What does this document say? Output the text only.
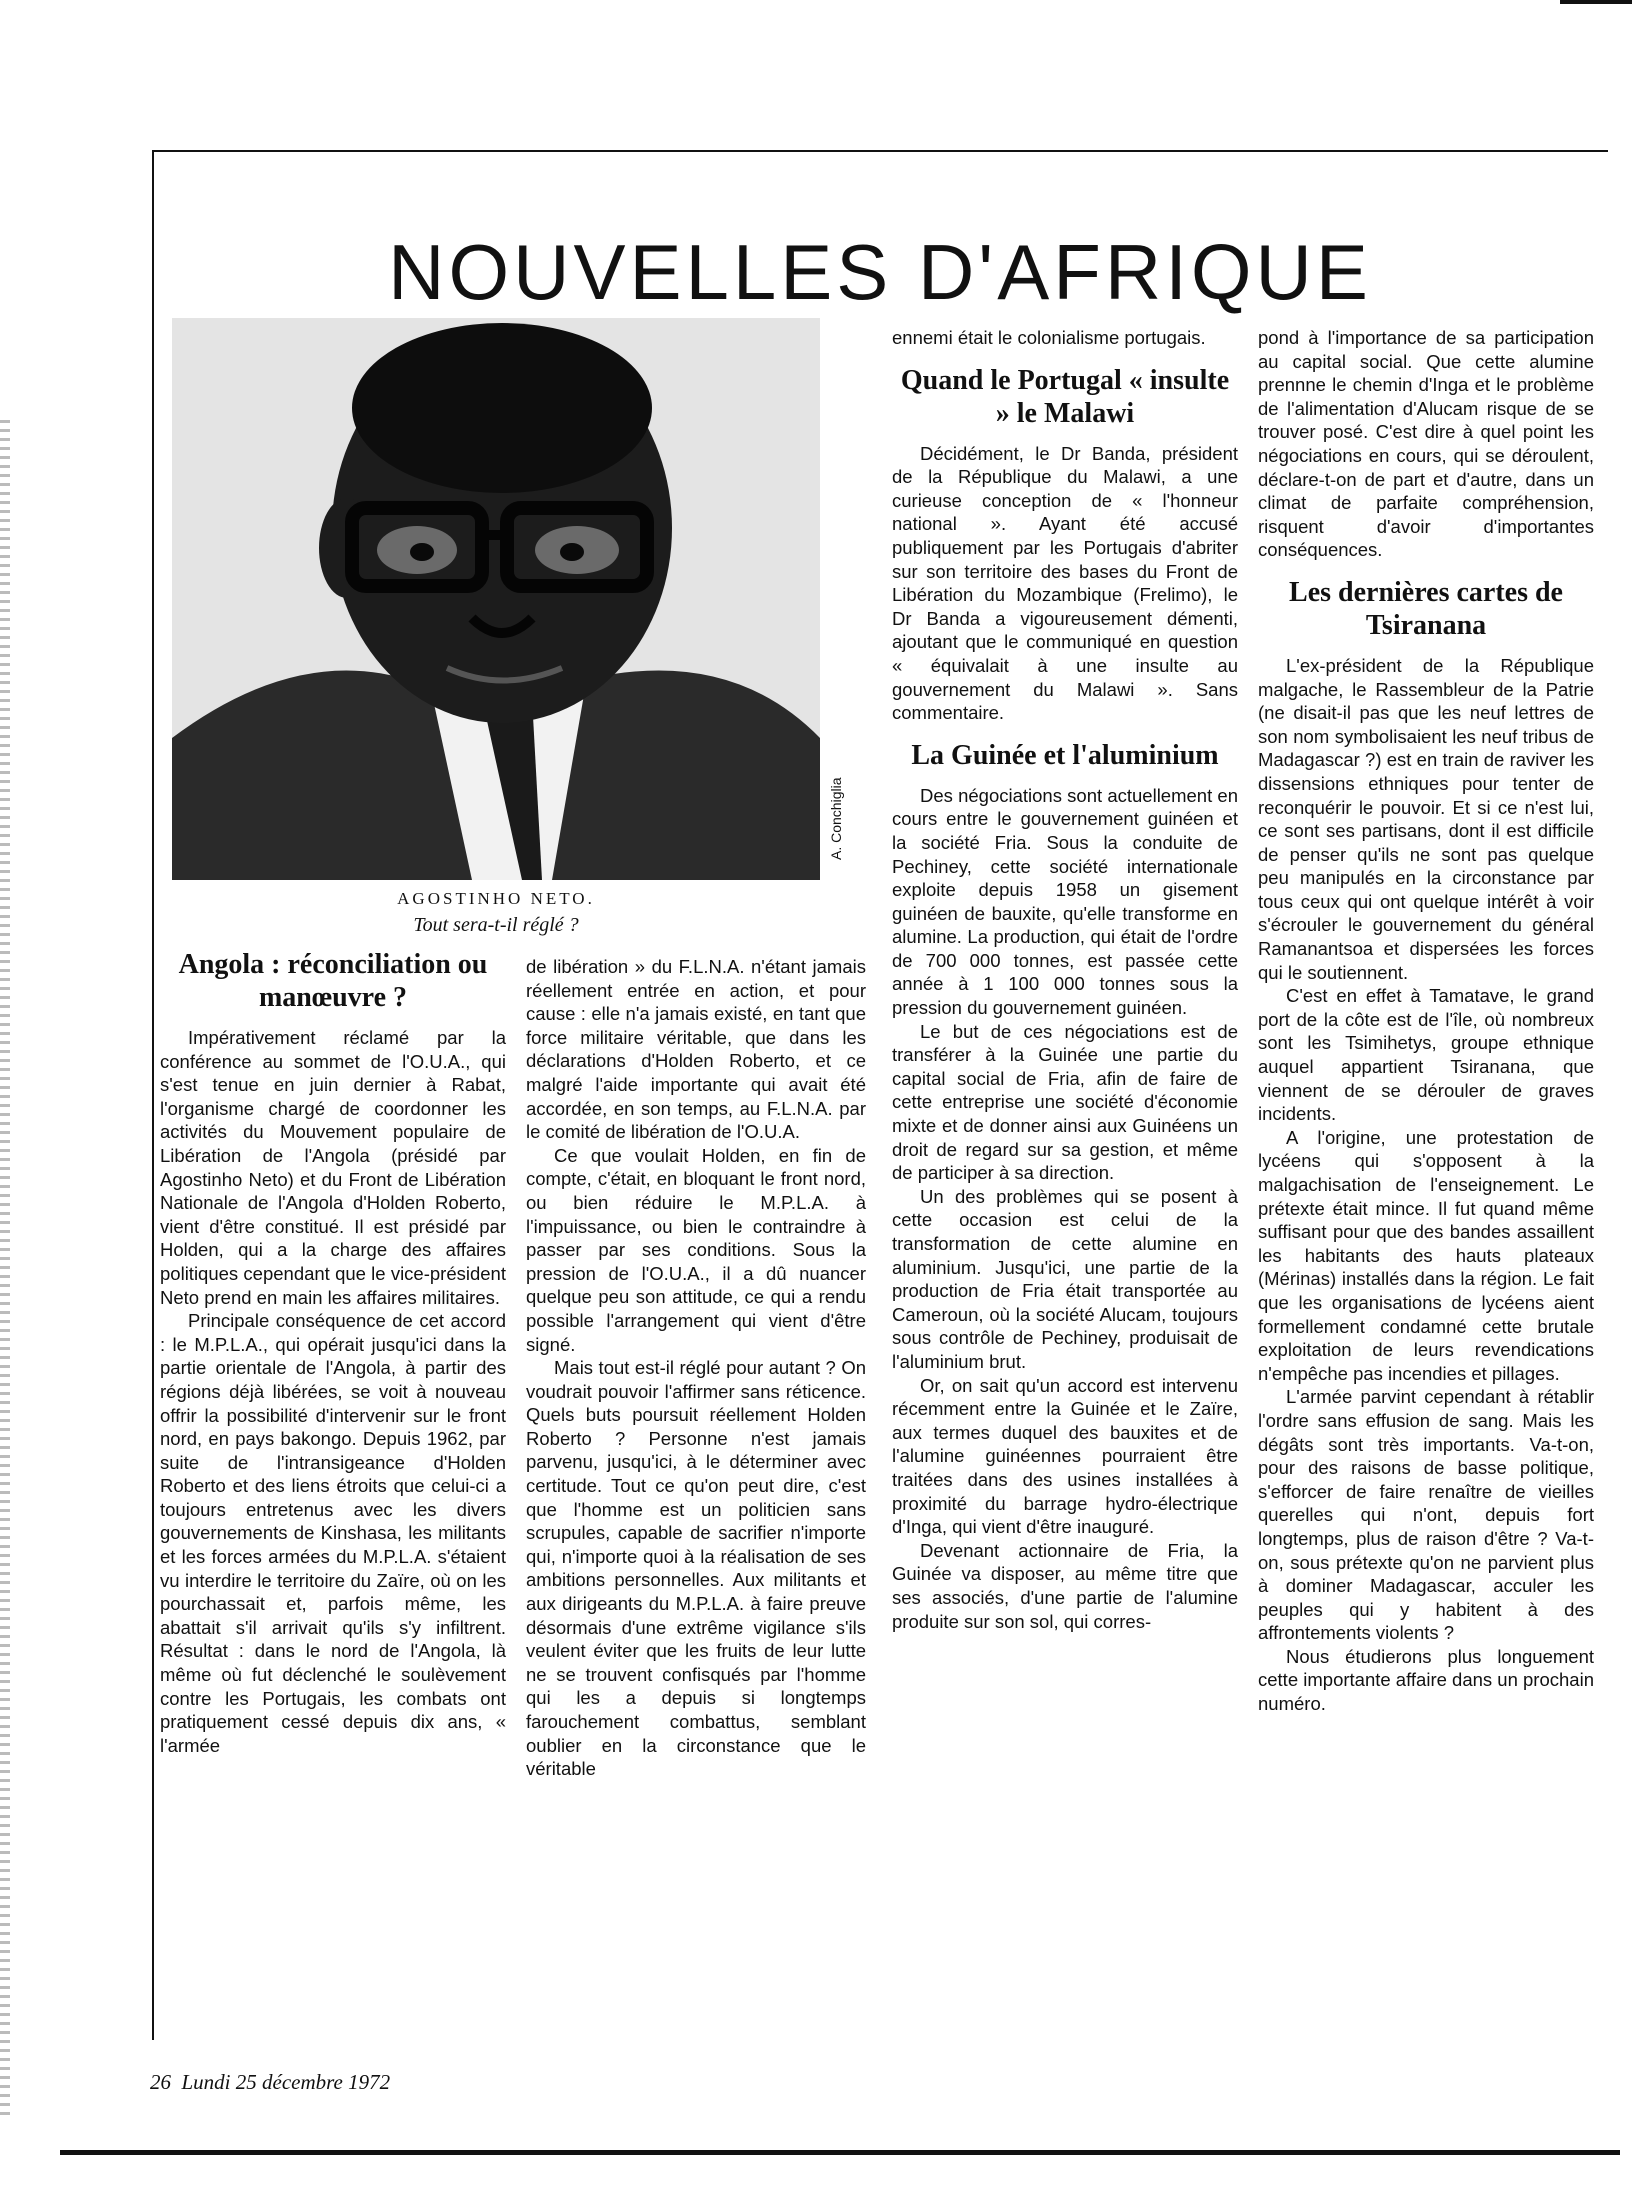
NOUVELLES D'AFRIQUE
AGOSTINHO NETO.
Tout sera-t-il réglé ?
A. Conchiglia
Angola : réconciliation ou manœuvre ?

Impérativement réclamé par la conférence au sommet de l'O.U.A., qui s'est tenue en juin dernier à Rabat, l'organisme chargé de coordonner les activités du Mouvement populaire de Libération de l'Angola (présidé par Agostinho Neto) et du Front de Libération Nationale de l'Angola d'Holden Roberto, vient d'être constitué. Il est présidé par Holden, qui a la charge des affaires politiques cependant que le vice-président Neto prend en main les affaires militaires.

Principale conséquence de cet accord : le M.P.L.A., qui opérait jusqu'ici dans la partie orientale de l'Angola, à partir des régions déjà libérées, se voit à nouveau offrir la possibilité d'intervenir sur le front nord, en pays bakongo. Depuis 1962, par suite de l'intransigeance d'Holden Roberto et des liens étroits que celui-ci a toujours entretenus avec les divers gouvernements de Kinshasa, les militants et les forces armées du M.P.L.A. s'étaient vu interdire le territoire du Zaïre, où on les pourchassait et, parfois même, les abattait s'il arrivait qu'ils s'y infiltrent. Résultat : dans le nord de l'Angola, là même où fut déclenché le soulèvement contre les Portugais, les combats ont pratiquement cessé depuis dix ans, « l'armée

de libération » du F.L.N.A. n'étant jamais réellement entrée en action, et pour cause : elle n'a jamais existé, en tant que force militaire véritable, que dans les déclarations d'Holden Roberto, et ce malgré l'aide importante qui avait été accordée, en son temps, au F.L.N.A. par le comité de libération de l'O.U.A.

Ce que voulait Holden, en fin de compte, c'était, en bloquant le front nord, ou bien réduire le M.P.L.A. à l'impuissance, ou bien le contraindre à passer par ses conditions. Sous la pression de l'O.U.A., il a dû nuancer quelque peu son attitude, ce qui a rendu possible l'arrangement qui vient d'être signé.

Mais tout est-il réglé pour autant ? On voudrait pouvoir l'affirmer sans réticence. Quels buts poursuit réellement Holden Roberto ? Personne n'est jamais parvenu, jusqu'ici, à le déterminer avec certitude. Tout ce qu'on peut dire, c'est que l'homme est un politicien sans scrupules, capable de sacrifier n'importe qui, n'importe quoi à la réalisation de ses ambitions personnelles. Aux militants et aux dirigeants du M.P.L.A. à faire preuve désormais d'une extrême vigilance s'ils veulent éviter que les fruits de leur lutte ne se trouvent confisqués par l'homme qui les a depuis si longtemps farouchement combattus, semblant oublier en la circonstance que le véritable

ennemi était le colonialisme portugais.

Quand le Portugal « insulte » le Malawi

Décidément, le Dr Banda, président de la République du Malawi, a une curieuse conception de « l'honneur national ». Ayant été accusé publiquement par les Portugais d'abriter sur son territoire des bases du Front de Libération du Mozambique (Frelimo), le Dr Banda a vigoureusement démenti, ajoutant que le communiqué en question « équivalait à une insulte au gouvernement du Malawi ». Sans commentaire.

La Guinée et l'aluminium

Des négociations sont actuellement en cours entre le gouvernement guinéen et la société Fria. Sous la conduite de Pechiney, cette société internationale exploite depuis 1958 un gisement guinéen de bauxite, qu'elle transforme en alumine. La production, qui était de l'ordre de 700 000 tonnes, est passée cette année à 1 100 000 tonnes sous la pression du gouvernement guinéen.

Le but de ces négociations est de transférer à la Guinée une partie du capital social de Fria, afin de faire de cette entreprise une société d'économie mixte et de donner ainsi aux Guinéens un droit de regard sur sa gestion, et même de participer à sa direction.

Un des problèmes qui se posent à cette occasion est celui de la transformation de cette alumine en aluminium. Jusqu'ici, une partie de la production de Fria était transportée au Cameroun, où la société Alucam, toujours sous contrôle de Pechiney, produisait de l'aluminium brut.

Or, on sait qu'un accord est intervenu récemment entre la Guinée et le Zaïre, aux termes duquel des bauxites et de l'alumine guinéennes pourraient être traitées dans des usines installées à proximité du barrage hydro-électrique d'Inga, qui vient d'être inauguré.

Devenant actionnaire de Fria, la Guinée va disposer, au même titre que ses associés, d'une partie de l'alumine produite sur son sol, qui corres-

pond à l'importance de sa participation au capital social. Que cette alumine prennne le chemin d'Inga et le problème de l'alimentation d'Alucam risque de se trouver posé. C'est dire à quel point les négociations en cours, qui se déroulent, déclare-t-on de part et d'autre, dans un climat de parfaite compréhension, risquent d'avoir d'importantes conséquences.

Les dernières cartes de Tsiranana

L'ex-président de la République malgache, le Rassembleur de la Patrie (ne disait-il pas que les neuf lettres de son nom symbolisaient les neuf tribus de Madagascar ?) est en train de raviver les dissensions ethniques pour tenter de reconquérir le pouvoir. Et si ce n'est lui, ce sont ses partisans, dont il est difficile de penser qu'ils ne sont pas quelque peu manipulés en la circonstance par tous ceux qui ont quelque intérêt à voir s'écrouler le gouvernement du général Ramanantsoa et dispersées les forces qui le soutiennent.

C'est en effet à Tamatave, le grand port de la côte est de l'île, où nombreux sont les Tsimihetys, groupe ethnique auquel appartient Tsiranana, que viennent de se dérouler de graves incidents.

A l'origine, une protestation de lycéens qui s'opposent à la malgachisation de l'enseignement. Le prétexte était mince. Il fut quand même suffisant pour que des bandes assaillent les habitants des hauts plateaux (Mérinas) installés dans la région. Le fait que les organisations de lycéens aient formellement condamné cette brutale exploitation de leurs revendications n'empêche pas incendies et pillages.

L'armée parvint cependant à rétablir l'ordre sans effusion de sang. Mais les dégâts sont très importants. Va-t-on, pour des raisons de basse politique, s'efforcer de faire renaître de vieilles querelles qui n'ont, depuis fort longtemps, plus de raison d'être ? Va-t-on, sous prétexte qu'on ne parvient plus à dominer Madagascar, acculer les peuples qui y habitent à des affrontements violents ?

Nous étudierons plus longuement cette importante affaire dans un prochain numéro.

26 Lundi 25 décembre 1972
